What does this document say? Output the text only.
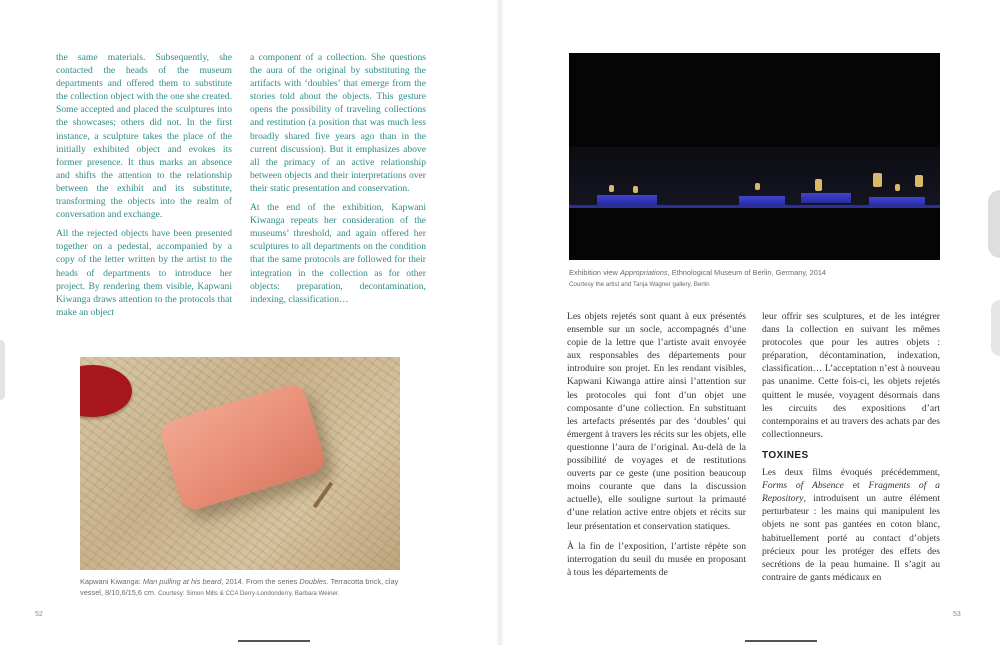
the same materials. Subsequently, she contacted the heads of the museum departments and offered them to substitute the collection object with the one she created. Some accepted and placed the sculptures into the showcases; others did not. In the first instance, a sculpture takes the place of the initially exhibited object and evokes its former presence. It thus marks an absence and shifts the attention to the relationship between the exhibit and its substitute, transforming the objects into the realm of conversation and exchange.

All the rejected objects have been presented together on a pedestal, accompanied by a copy of the letter written by the artist to the heads of departments to introduce her project. By rendering them visible, Kapwani Kiwanga draws attention to the protocols that make an object

a component of a collection. She questions the aura of the original by substituting the artifacts with ‘doubles’ that emerge from the stories told about the objects. This gesture opens the possibility of traveling collections and restitution (a position that was much less broadly shared five years ago than in the current discussion). But it emphasizes above all the primacy of an active relationship between objects and their interpretations over their static presentation and conservation.

At the end of the exhibition, Kapwani Kiwanga repeats her consideration of the museums’ threshold, and again offered her sculptures to all departments on the condition that the same protocols are followed for their integration in the collection as for other objects: preparation, decontamination, indexing, classification…

Kapwani Kiwanga: Man pulling at his beard, 2014. From the series Doubles. Terracotta brick, clay vessel, 8/10,6/15,6 cm. Courtesy: Simon Mills & CCA Derry-Londonderry, Barbara Weiner.
52
Exhibition view Appropriations, Ethnological Museum of Berlin, Germany, 2014
Courtesy the artist and Tanja Wagner gallery, Berlin

Les objets rejetés sont quant à eux présentés ensemble sur un socle, accompagnés d’une copie de la lettre que l’artiste avait envoyée aux responsables des départements pour introduire son projet. En les rendant visibles, Kapwani Kiwanga attire ainsi l’attention sur les protocoles qui font d’un objet une composante d’une collection. En substituant les artefacts présentés par des ‘doubles’ qui émergent à travers les récits sur les objets, elle questionne l’aura de l’original. Au-delà de la possibilité de voyages et de restitutions ouverts par ce geste (une position beaucoup moins courante que dans la discussion actuelle), elle souligne surtout la primauté d’une relation active entre objets et récits sur leur présentation et conservation statiques.

À la fin de l’exposition, l’artiste répète son interrogation du seuil du musée en proposant à tous les départements de

leur offrir ses sculptures, et de les intégrer dans la collection en suivant les mêmes protocoles que pour les autres objets : préparation, décontamination, indexation, classification… L’acceptation n’est à nouveau pas unanime. Cette fois-ci, les objets rejetés quittent le musée, voyagent désormais dans les circuits des expositions d’art contemporains et au travers des achats par des collectionneurs.

TOXINES

Les deux films évoqués précédemment, Forms of Absence et Fragments of a Repository, introduisent un autre élément perturbateur : les mains qui manipulent les objets ne sont pas gantées en coton blanc, habituellement porté au contact d’objets précieux pour les protéger des effets des secrétions de la peau humaine. Il s’agit au contraire de gants médicaux en

53
